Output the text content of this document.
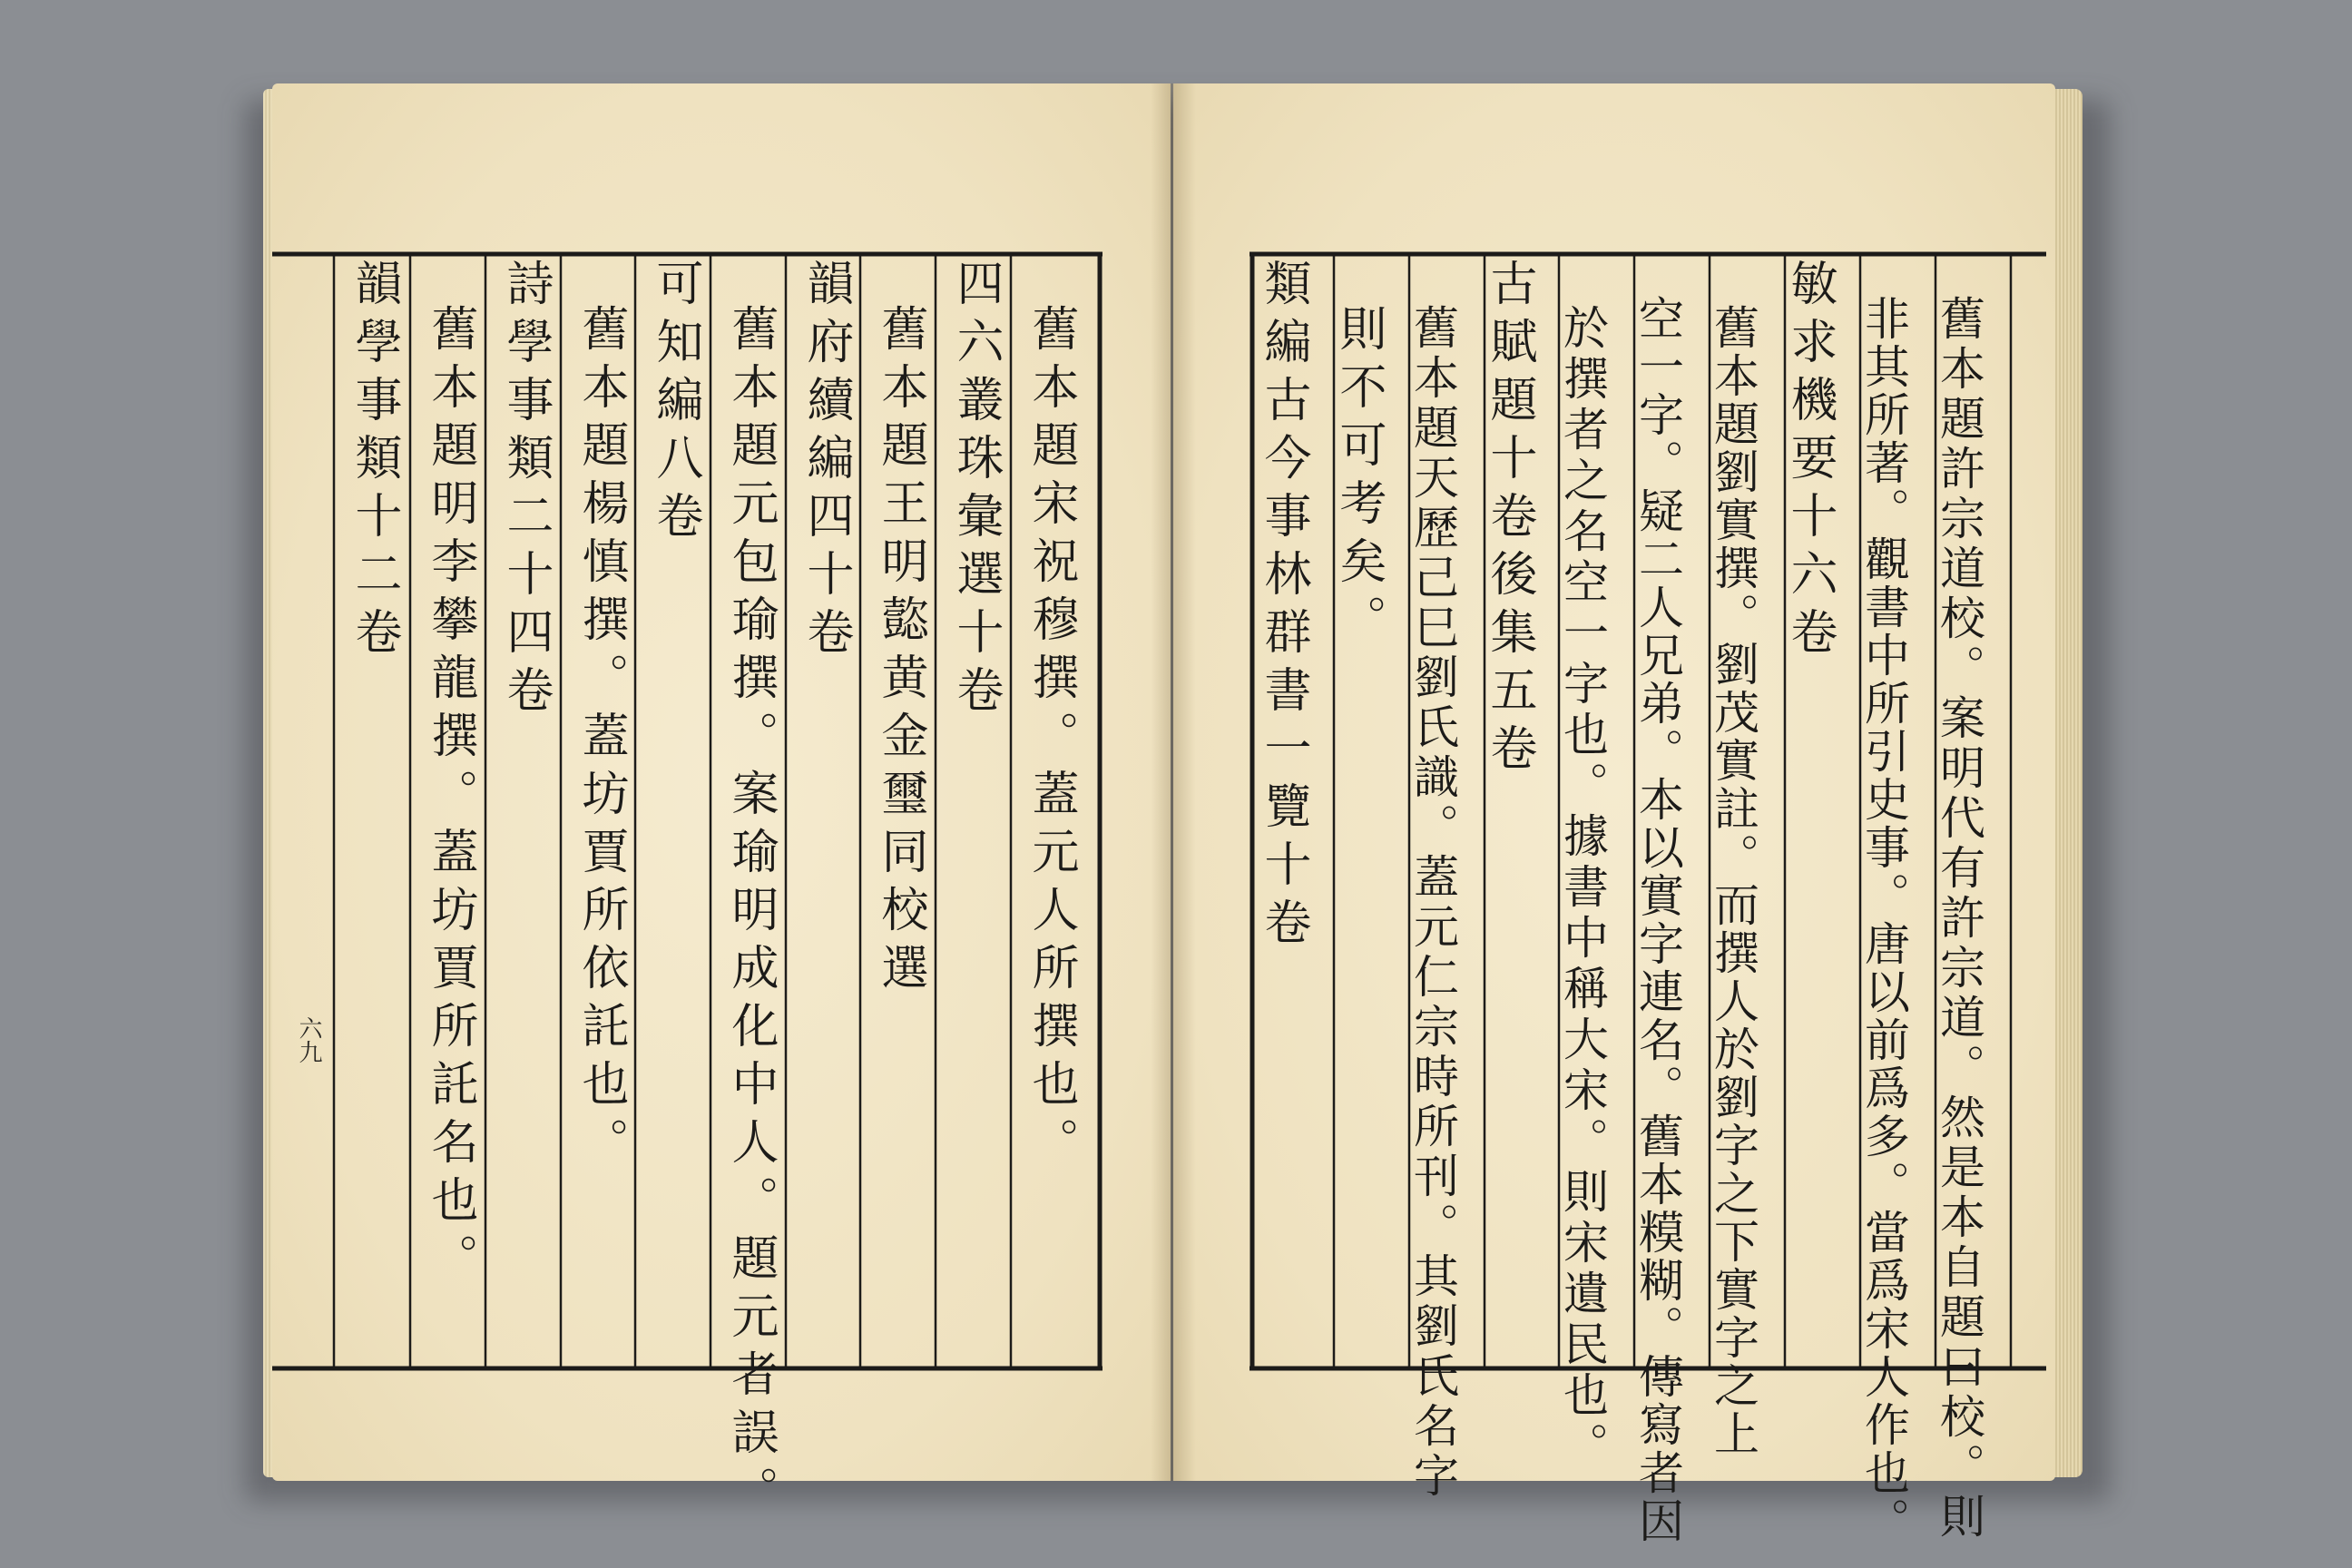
舊本題宋祝穆撰。蓋元人所撰也。
四六叢珠彙選十卷
舊本題王明㦤黄金璽同校選
韻府續編四十卷
舊本題元包瑜撰。案瑜明成化中人。題元者誤。
可知編八卷
舊本題楊慎撰。蓋坊賈所依託也。
詩學事類二十四卷
舊本題明李攀龍撰。蓋坊賈所託名也。
韻學事類十二卷
六九	舊本題許宗道校。案明代有許宗道。然是本自題曰校。則
非其所著。觀書中所引史事。唐以前爲多。當爲宋人作也。
敏求機要十六卷
舊本題劉實撰。劉茂實註。而撰人於劉字之下實字之上
空一字。疑二人兄弟。本以實字連名。舊本糢糊。傳寫者因
於撰者之名空一字也。據書中稱大宋。則宋遺民也。
古賦題十卷後集五卷
舊本題天歷己巳劉氏識。蓋元仁宗時所刊。其劉氏名字
則不可考矣。
類編古今事林群書一覽十卷
